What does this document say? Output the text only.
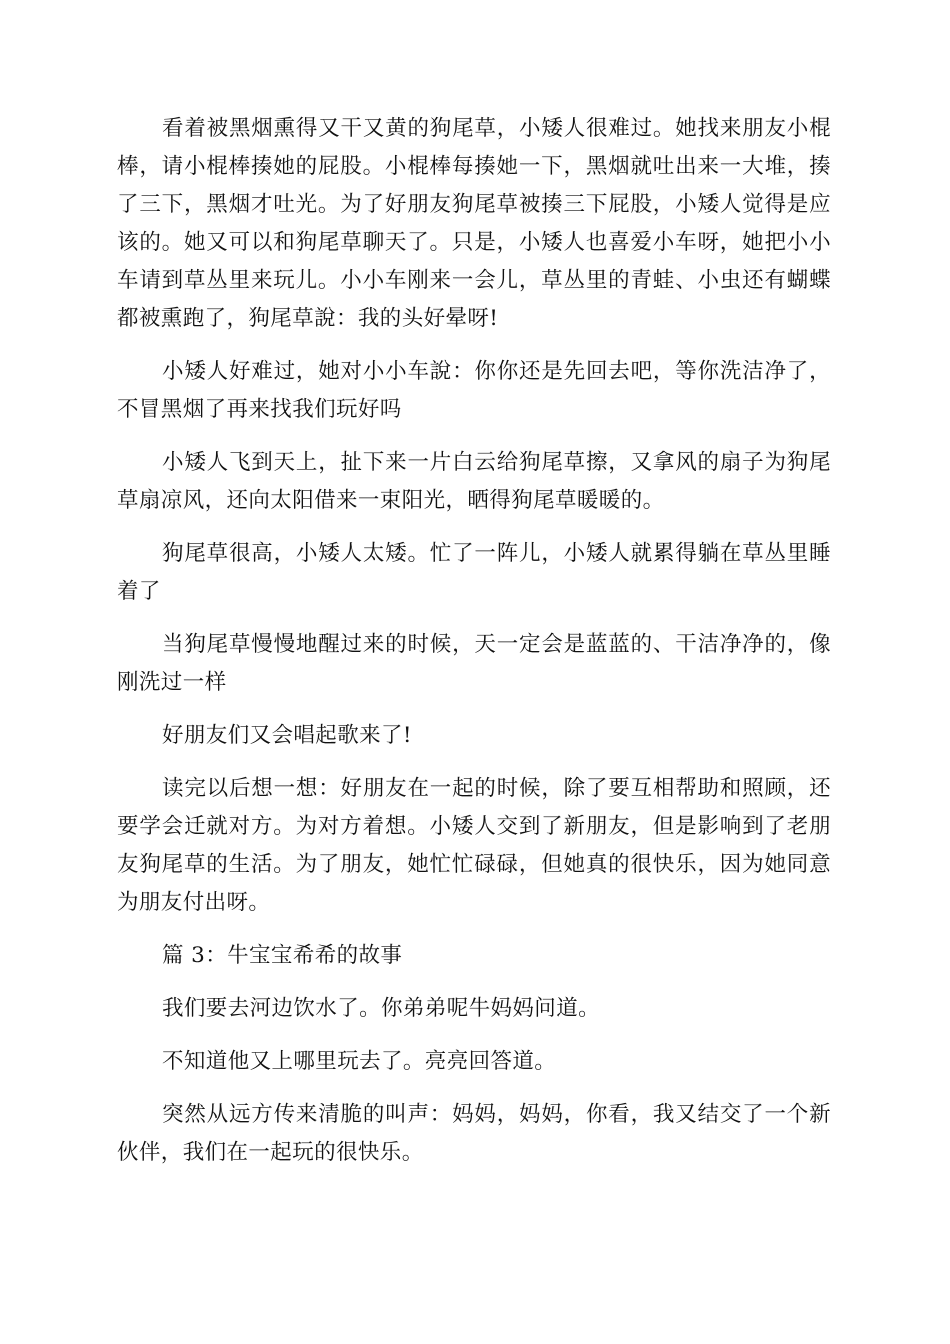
看着被黑烟熏得又干又黄的狗尾草，小矮人很难过。她找来朋友小棍棒，请小棍棒揍她的屁股。小棍棒每揍她一下，黑烟就吐出来一大堆，揍了三下，黑烟才吐光。为了好朋友狗尾草被揍三下屁股，小矮人觉得是应该的。她又可以和狗尾草聊天了。只是，小矮人也喜爱小车呀，她把小小车请到草丛里来玩儿。小小车刚来一会儿，草丛里的青蛙、小虫还有蝴蝶都被熏跑了，狗尾草說：我的头好晕呀!

小矮人好难过，她对小小车說：你你还是先回去吧，等你洗洁净了，不冒黑烟了再来找我们玩好吗

小矮人飞到天上，扯下来一片白云给狗尾草擦，又拿风的扇子为狗尾草扇凉风，还向太阳借来一束阳光，晒得狗尾草暖暖的。

狗尾草很高，小矮人太矮。忙了一阵儿，小矮人就累得躺在草丛里睡着了

当狗尾草慢慢地醒过来的时候，天一定会是蓝蓝的、干洁净净的，像刚洗过一样

好朋友们又会唱起歌来了!

读完以后想一想：好朋友在一起的时候，除了要互相帮助和照顾，还要学会迁就对方。为对方着想。小矮人交到了新朋友，但是影响到了老朋友狗尾草的生活。为了朋友，她忙忙碌碌，但她真的很快乐，因为她同意为朋友付出呀。

篇 3：牛宝宝希希的故事

我们要去河边饮水了。你弟弟呢牛妈妈问道。

不知道他又上哪里玩去了。亮亮回答道。

突然从远方传来清脆的叫声：妈妈，妈妈，你看，我又结交了一个新伙伴，我们在一起玩的很快乐。
